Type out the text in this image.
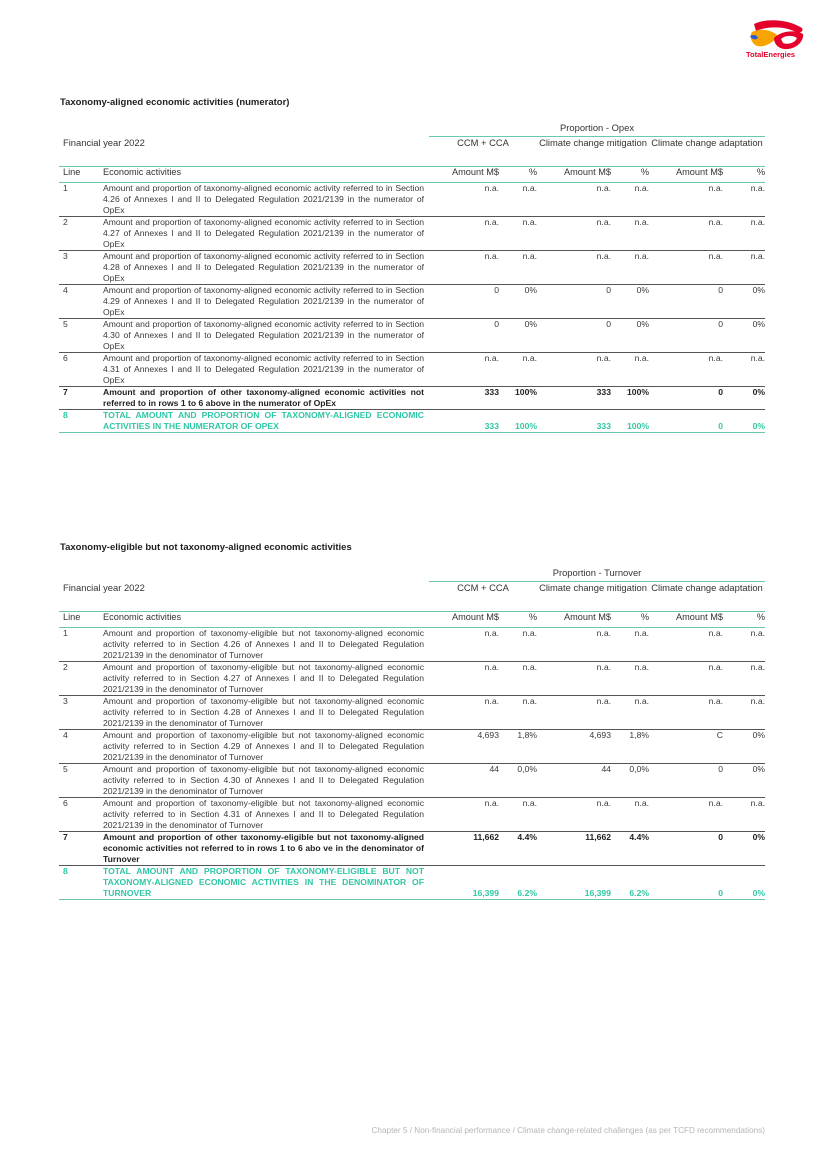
TotalEnergies
Taxonomy-aligned economic activities (numerator)
		Proportion - Opex					
Financial year 2022		CCM + CCA		Climate change mitigation		Climate change adaptation	
Line	Economic activities	Amount M$	%	Amount M$	%	Amount M$	%
1	Amount and proportion of taxonomy-aligned economic activity referred to in Section 4.26 of Annexes I and II to Delegated Regulation 2021/2139 in the numerator of OpEx	n.a.	n.a.	n.a.	n.a.	n.a.	n.a.
2	Amount and proportion of taxonomy-aligned economic activity referred to in Section 4.27 of Annexes I and II to Delegated Regulation 2021/2139 in the numerator of OpEx	n.a.	n.a.	n.a.	n.a.	n.a.	n.a.
3	Amount and proportion of taxonomy-aligned economic activity referred to in Section 4.28 of Annexes I and II to Delegated Regulation 2021/2139 in the numerator of OpEx	n.a.	n.a.	n.a.	n.a.	n.a.	n.a.
4	Amount and proportion of taxonomy-aligned economic activity referred to in Section 4.29 of Annexes I and II to Delegated Regulation 2021/2139 in the numerator of OpEx	0	0%	0	0%	0	0%
5	Amount and proportion of taxonomy-aligned economic activity referred to in Section 4.30 of Annexes I and II to Delegated Regulation 2021/2139 in the numerator of OpEx	0	0%	0	0%	0	0%
6	Amount and proportion of taxonomy-aligned economic activity referred to in Section 4.31 of Annexes I and II to Delegated Regulation 2021/2139 in the numerator of OpEx	n.a.	n.a.	n.a.	n.a.	n.a.	n.a.
7	Amount and proportion of other taxonomy-aligned economic activities not referred to in rows 1 to 6 above in the numerator of OpEx	333	100%	333	100%	0	0%
8	TOTAL AMOUNT AND PROPORTION OF TAXONOMY-ALIGNED ECONOMIC ACTIVITIES IN THE NUMERATOR OF OPEX	333	100%	333	100%	0	0%
Taxonomy-eligible but not taxonomy-aligned economic activities
		Proportion - Turnover					
Financial year 2022		CCM + CCA		Climate change mitigation		Climate change adaptation	
Line	Economic activities	Amount M$	%	Amount M$	%	Amount M$	%
1	Amount and proportion of taxonomy-eligible but not taxonomy-aligned economic activity referred to in Section 4.26 of Annexes I and II to Delegated Regulation 2021/2139 in the denominator of Turnover	n.a.	n.a.	n.a.	n.a.	n.a.	n.a.
2	Amount and proportion of taxonomy-eligible but not taxonomy-aligned economic activity referred to in Section 4.27 of Annexes I and II to Delegated Regulation 2021/2139 in the denominator of Turnover	n.a.	n.a.	n.a.	n.a.	n.a.	n.a.
3	Amount and proportion of taxonomy-eligible but not taxonomy-aligned economic activity referred to in Section 4.28 of Annexes I and II to Delegated Regulation 2021/2139 in the denominator of Turnover	n.a.	n.a.	n.a.	n.a.	n.a.	n.a.
4	Amount and proportion of taxonomy-eligible but not taxonomy-aligned economic activity referred to in Section 4.29 of Annexes I and II to Delegated Regulation 2021/2139 in the denominator of Turnover	4,693	1,8%	4,693	1,8%	C	0%
5	Amount and proportion of taxonomy-eligible but not taxonomy-aligned economic activity referred to in Section 4.30 of Annexes I and II to Delegated Regulation 2021/2139 in the denominator of Turnover	44	0,0%	44	0,0%	0	0%
6	Amount and proportion of taxonomy-eligible but not taxonomy-aligned economic activity referred to in Section 4.31 of Annexes I and II to Delegated Regulation 2021/2139 in the denominator of Turnover	n.a.	n.a.	n.a.	n.a.	n.a.	n.a.
7	Amount and proportion of other taxonomy-eligible but not taxonomy-aligned economic activities not referred to in rows 1 to 6 abo ve in the denominator of Turnover	11,662	4.4%	11,662	4.4%	0	0%
8	TOTAL AMOUNT AND PROPORTION OF TAXONOMY-ELIGIBLE BUT NOT TAXONOMY-ALIGNED ECONOMIC ACTIVITIES IN THE DENOMINATOR OF TURNOVER	16,399	6.2%	16,399	6.2%	0	0%
Chapter 5 / Non-financial performance / Climate change-related challenges (as per TCFD recommendations)
